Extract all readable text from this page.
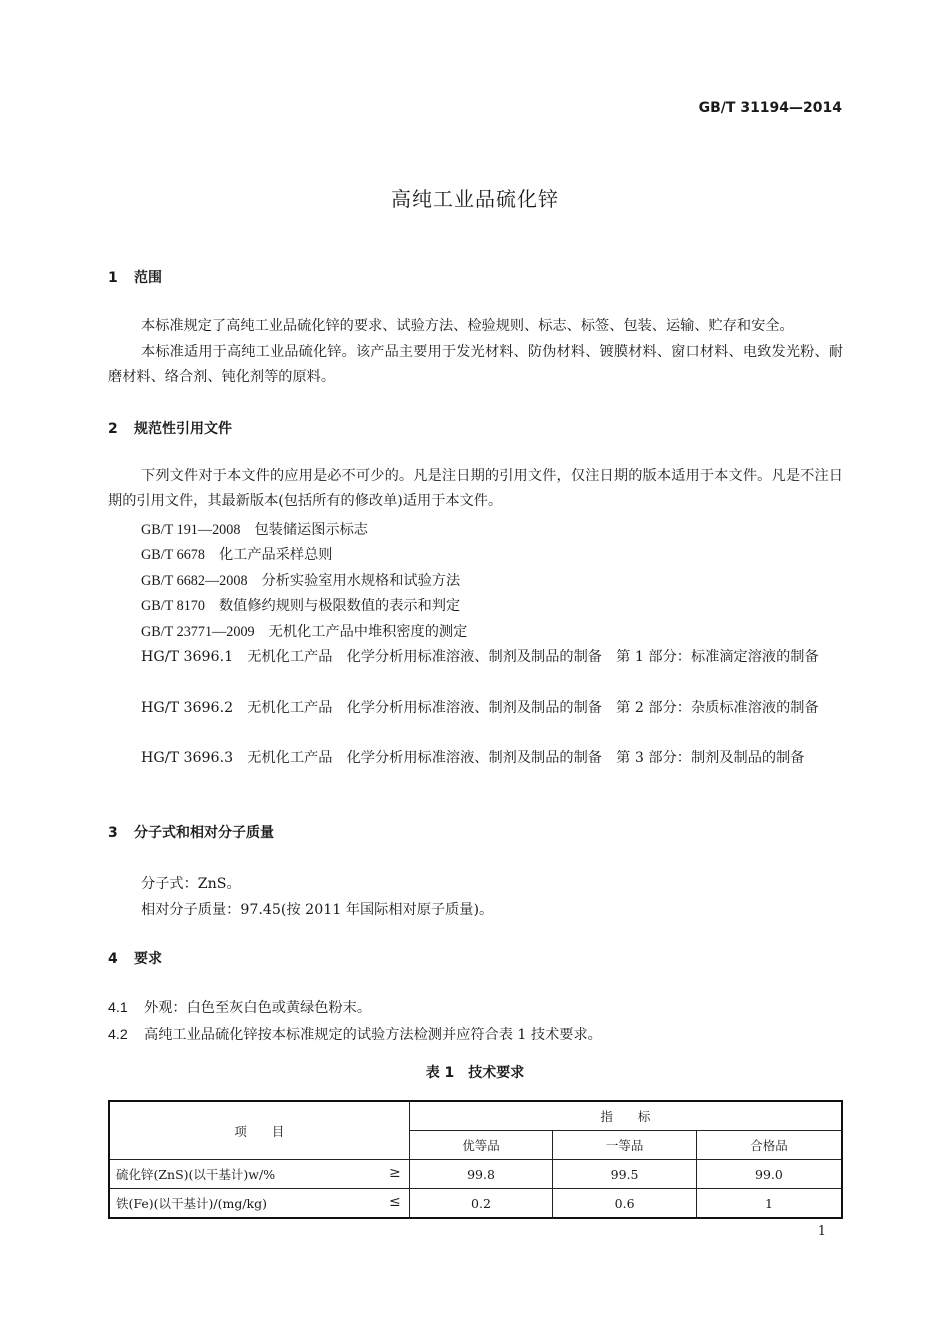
GB/T 31194—2014
高纯工业品硫化锌
1 范围
本标准规定了高纯工业品硫化锌的要求、试验方法、检验规则、标志、标签、包装、运输、贮存和安全。
本标准适用于高纯工业品硫化锌。该产品主要用于发光材料、防伪材料、镀膜材料、窗口材料、电致发光粉、耐磨材料、络合剂、钝化剂等的原料。
2 规范性引用文件
下列文件对于本文件的应用是必不可少的。凡是注日期的引用文件，仅注日期的版本适用于本文件。凡是不注日期的引用文件，其最新版本(包括所有的修改单)适用于本文件。
GB/T 191—2008 包装储运图示标志
GB/T 6678 化工产品采样总则
GB/T 6682—2008 分析实验室用水规格和试验方法
GB/T 8170 数值修约规则与极限数值的表示和判定
GB/T 23771—2009 无机化工产品中堆积密度的测定
HG/T 3696.1　无机化工产品　化学分析用标准溶液、制剂及制品的制备　第 1 部分：标准滴定溶液的制备
HG/T 3696.2　无机化工产品　化学分析用标准溶液、制剂及制品的制备　第 2 部分：杂质标准溶液的制备
HG/T 3696.3　无机化工产品　化学分析用标准溶液、制剂及制品的制备　第 3 部分：制剂及制品的制备
3 分子式和相对分子质量
分子式：ZnS。
相对分子质量：97.45(按 2011 年国际相对原子质量)。
4 要求
4.1 外观：白色至灰白色或黄绿色粉末。
4.2 高纯工业品硫化锌按本标准规定的试验方法检测并应符合表 1 技术要求。
表 1　技术要求
项　　目	指　　标		
	优等品	一等品	合格品
硫化锌(ZnS)(以干基计)w/% ≥	99.8	99.5	99.0
铁(Fe)(以干基计)/(mg/kg) ≤	0.2	0.6	1
1
